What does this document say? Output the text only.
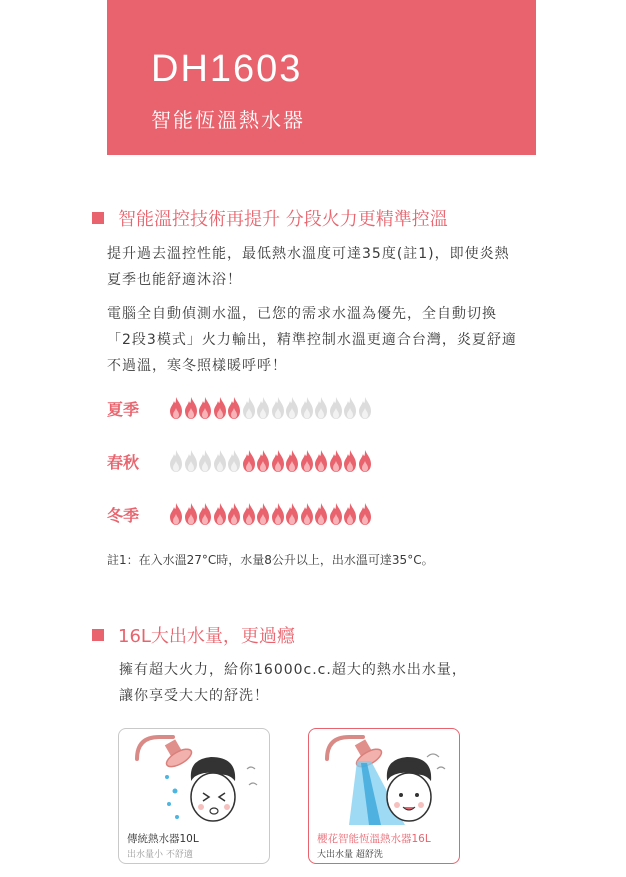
DH1603
智能恆溫熱水器
智能溫控技術再提升 分段火力更精準控溫
提升過去溫控性能，最低熱水溫度可達35度(註1)，即使炎熱
夏季也能舒適沐浴！
電腦全自動偵測水溫，已您的需求水溫為優先，全自動切換
「2段3模式」火力輸出，精準控制水溫更適合台灣，炎夏舒適
不過溫，寒冬照樣暖呼呼！
夏季
春秋
冬季
註1：在入水溫27°C時，水量8公升以上，出水溫可達35°C。
16L大出水量，更過癮
擁有超大火力，給你16000c.c.超大的熱水出水量，
讓你享受大大的舒洗！
傳統熱水器10L
出水量小 不舒適
櫻花智能恆溫熱水器16L
大出水量 超舒洗
